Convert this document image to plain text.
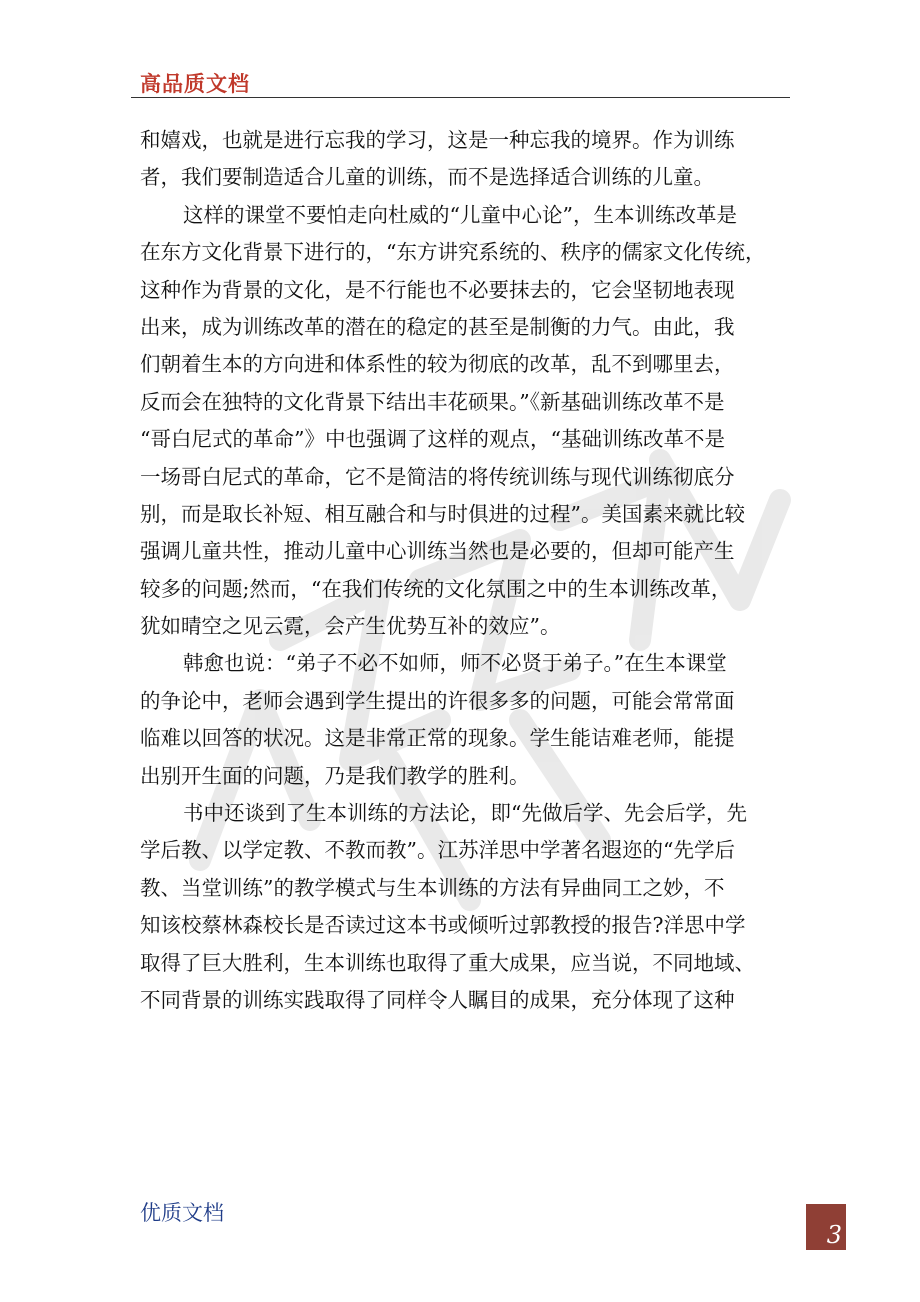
高品质文档
和嬉戏，也就是进行忘我的学习，这是一种忘我的境界。作为训练
者，我们要制造适合儿童的训练，而不是选择适合训练的儿童。
这样的课堂不要怕走向杜威的“儿童中心论”，生本训练改革是
在东方文化背景下进行的，“东方讲究系统的、秩序的儒家文化传统，
这种作为背景的文化，是不行能也不必要抹去的，它会坚韧地表现
出来，成为训练改革的潜在的稳定的甚至是制衡的力气。由此，我
们朝着生本的方向进和体系性的较为彻底的改革，乱不到哪里去，
反而会在独特的文化背景下结出丰花硕果。”《新基础训练改革不是
“哥白尼式的革命”》中也强调了这样的观点，“基础训练改革不是
一场哥白尼式的革命，它不是简洁的将传统训练与现代训练彻底分
别，而是取长补短、相互融合和与时俱进的过程”。美国素来就比较
强调儿童共性，推动儿童中心训练当然也是必要的，但却可能产生
较多的问题;然而，“在我们传统的文化氛围之中的生本训练改革，
犹如晴空之见云霓，会产生优势互补的效应”。
韩愈也说：“弟子不必不如师，师不必贤于弟子。”在生本课堂
的争论中，老师会遇到学生提出的许很多多的问题，可能会常常面
临难以回答的状况。这是非常正常的现象。学生能诘难老师，能提
出别开生面的问题，乃是我们教学的胜利。
书中还谈到了生本训练的方法论，即“先做后学、先会后学，先
学后教、以学定教、不教而教”。江苏洋思中学著名遐迩的“先学后
教、当堂训练”的教学模式与生本训练的方法有异曲同工之妙，不
知该校蔡林森校长是否读过这本书或倾听过郭教授的报告?洋思中学
取得了巨大胜利，生本训练也取得了重大成果，应当说，不同地域、
不同背景的训练实践取得了同样令人瞩目的成果，充分体现了这种
优质文档
3
